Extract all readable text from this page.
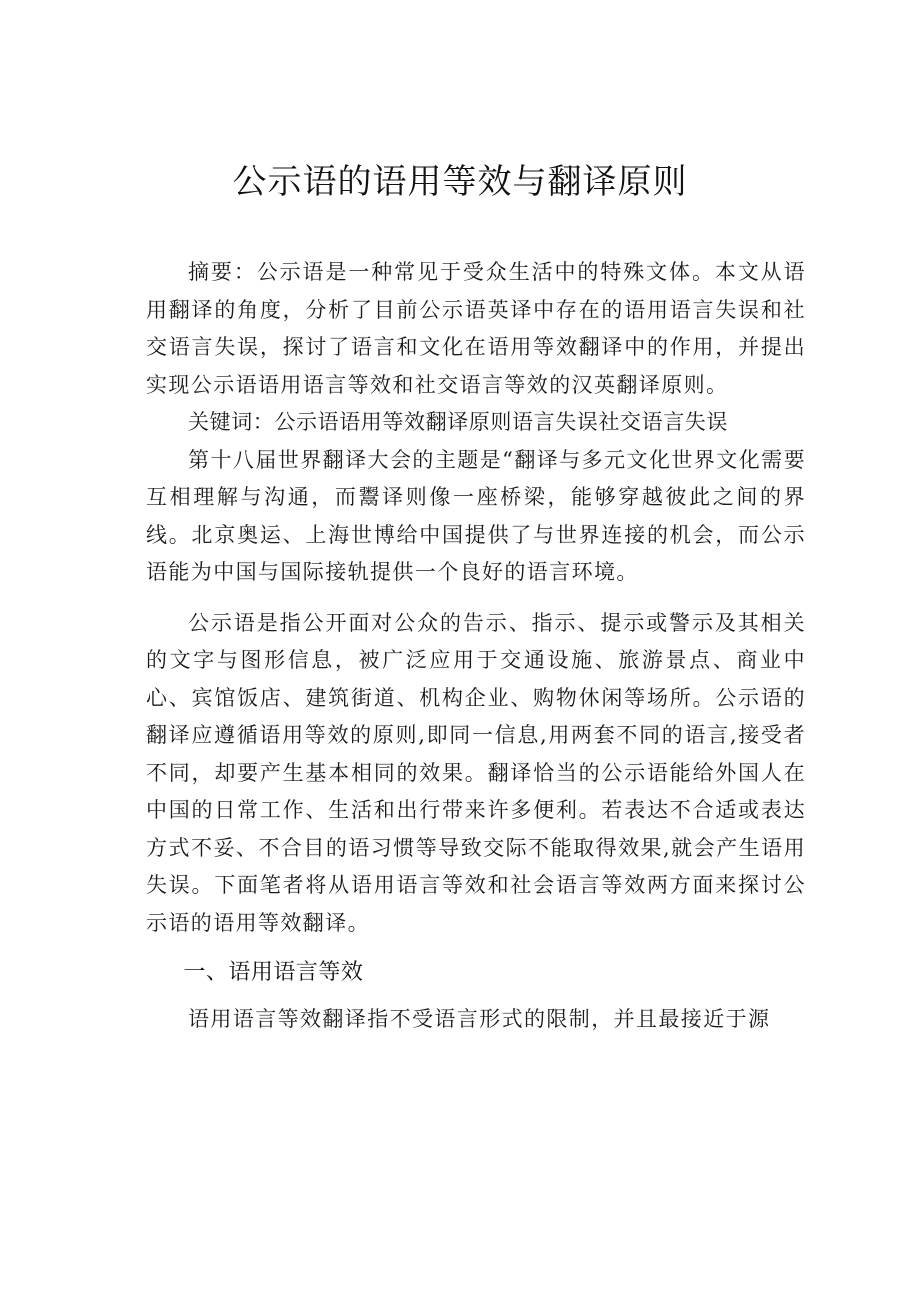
公示语的语用等效与翻译原则

摘要：公示语是一种常见于受众生活中的特殊文体。本文从语用翻译的角度，分析了目前公示语英译中存在的语用语言失误和社交语言失误，探讨了语言和文化在语用等效翻译中的作用，并提出实现公示语语用语言等效和社交语言等效的汉英翻译原则。

关键词：公示语语用等效翻译原则语言失误社交语言失误

第十八届世界翻译大会的主题是“翻译与多元文化世界文化需要互相理解与沟通，而鬻译则像一座桥梁，能够穿越彼此之间的界线。北京奥运、上海世博给中国提供了与世界连接的机会，而公示语能为中国与国际接轨提供一个良好的语言环境。

公示语是指公开面对公众的告示、指示、提示或警示及其相关的文字与图形信息，被广泛应用于交通设施、旅游景点、商业中心、宾馆饭店、建筑街道、机构企业、购物休闲等场所。公示语的翻译应遵循语用等效的原则,即同一信息,用两套不同的语言,接受者不同，却要产生基本相同的效果。翻译恰当的公示语能给外国人在中国的日常工作、生活和出行带来许多便利。若表达不合适或表达方式不妥、不合目的语习惯等导致交际不能取得效果,就会产生语用失误。下面笔者将从语用语言等效和社会语言等效两方面来探讨公示语的语用等效翻译。

一、语用语言等效

语用语言等效翻译指不受语言形式的限制，并且最接近于源
